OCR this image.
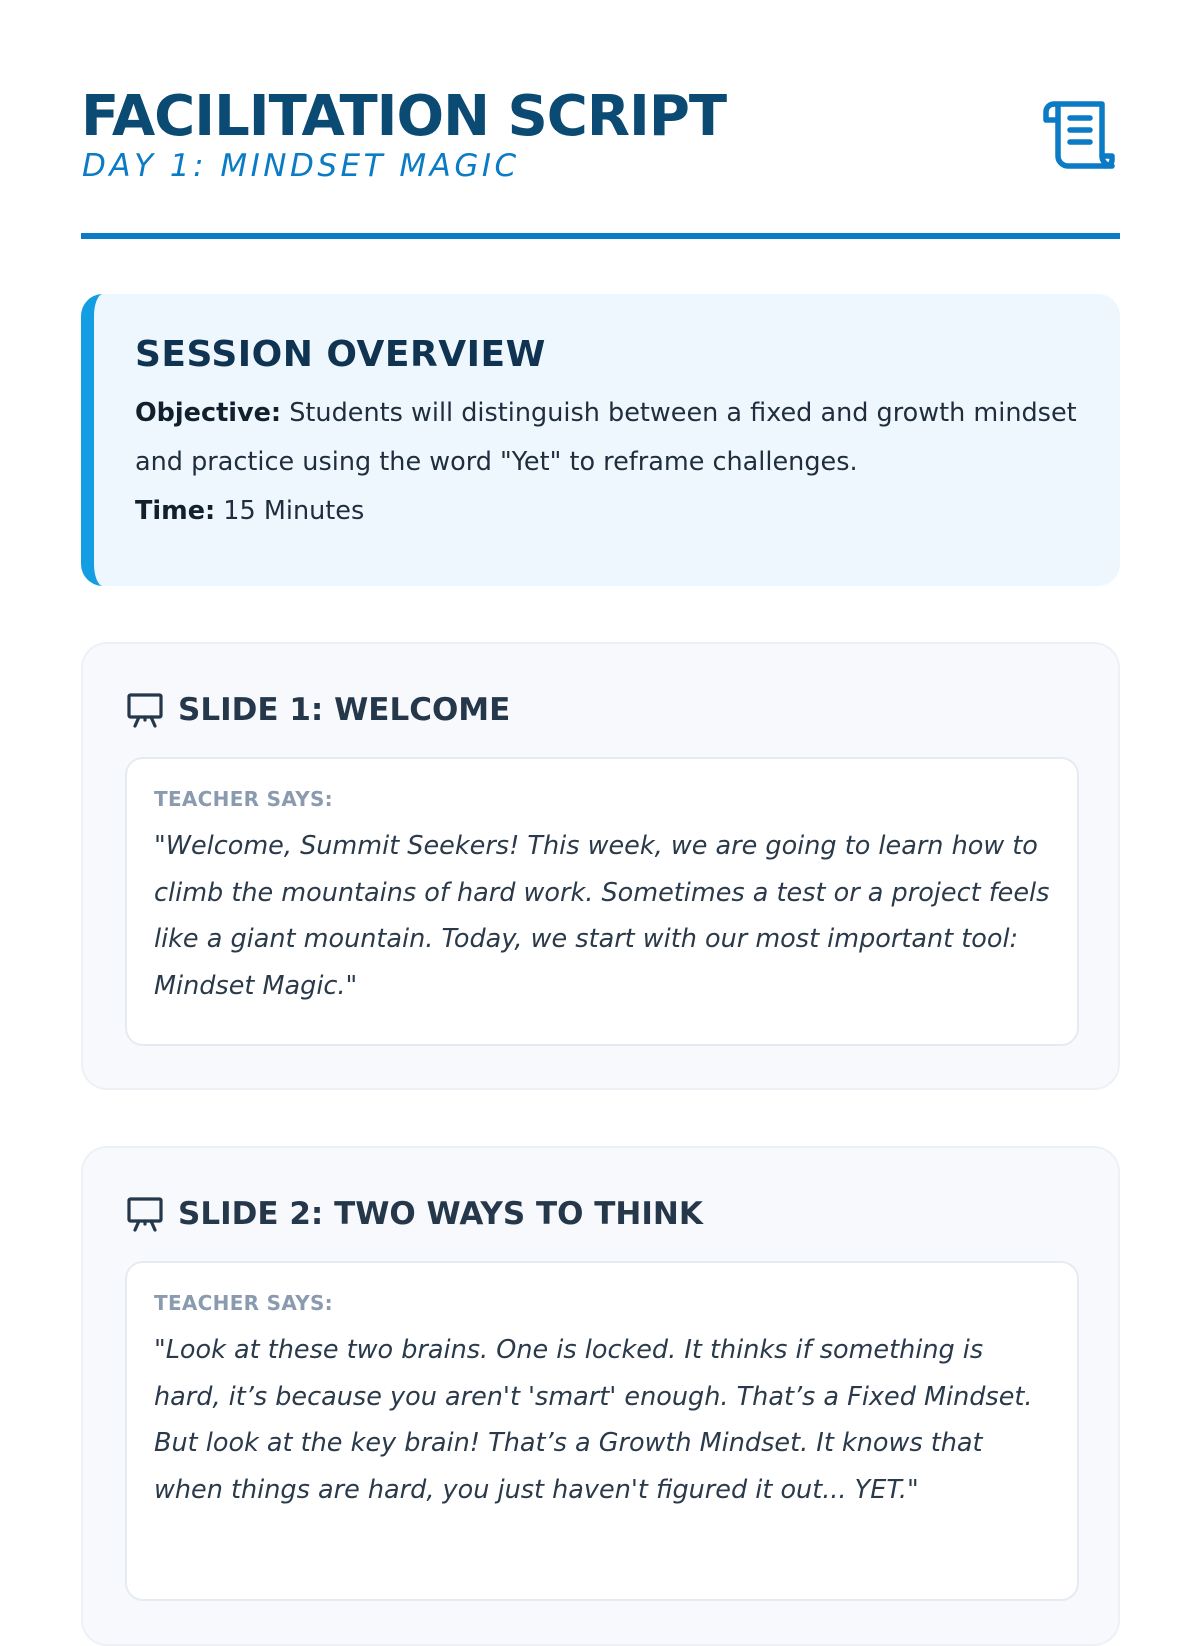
FACILITATION SCRIPT
DAY 1: MINDSET MAGIC
SESSION OVERVIEW

Objective: Students will distinguish between a fixed and growth mindset and practice using the word "Yet" to reframe challenges.

Time: 15 Minutes

SLIDE 1: WELCOME
TEACHER SAYS:

"Welcome, Summit Seekers! This week, we are going to learn how to climb the mountains of hard work. Sometimes a test or a project feels like a giant mountain. Today, we start with our most important tool: Mindset Magic."

SLIDE 2: TWO WAYS TO THINK
TEACHER SAYS:

"Look at these two brains. One is locked. It thinks if something is hard, it’s because you aren't 'smart' enough. That’s a Fixed Mindset. But look at the key brain! That’s a Growth Mindset. It knows that when things are hard, you just haven't figured it out... YET."
